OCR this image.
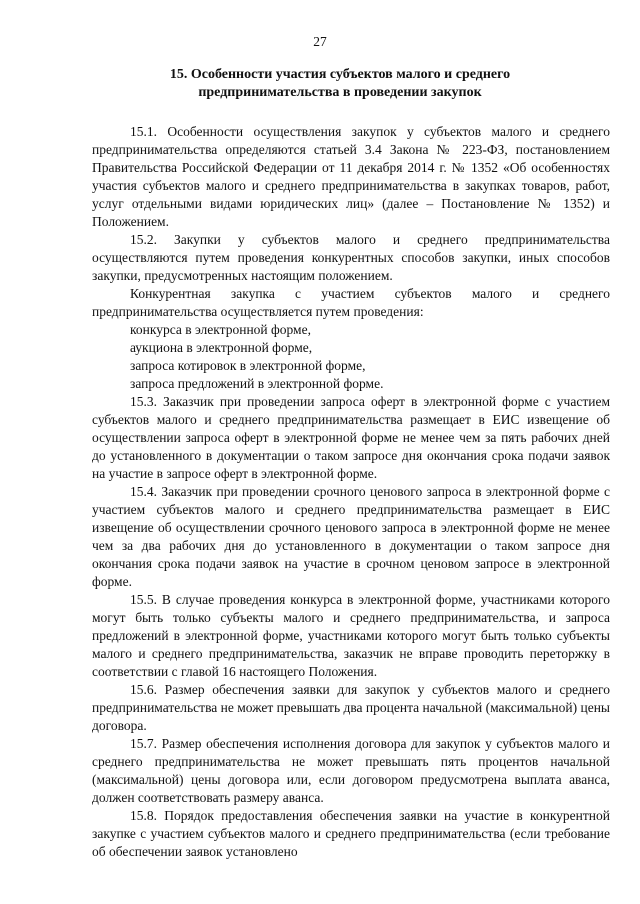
27
15. Особенности участия субъектов малого и среднего
предпринимательства в проведении закупок

15.1. Особенности осуществления закупок у субъектов малого и среднего предпринимательства определяются статьей 3.4 Закона № 223-ФЗ, постановлением Правительства Российской Федерации от 11 декабря 2014 г. № 1352 «Об особенностях участия субъектов малого и среднего предпринимательства в закупках товаров, работ, услуг отдельными видами юридических лиц» (далее – Постановление № 1352) и Положением.

15.2. Закупки у субъектов малого и среднего предпринимательства осуществляются путем проведения конкурентных способов закупки, иных способов закупки, предусмотренных настоящим положением.

Конкурентная закупка с участием субъектов малого и среднего предпринимательства осуществляется путем проведения:

конкурса в электронной форме,

аукциона в электронной форме,

запроса котировок в электронной форме,

запроса предложений в электронной форме.

15.3. Заказчик при проведении запроса оферт в электронной форме с участием субъектов малого и среднего предпринимательства размещает в ЕИС извещение об осуществлении запроса оферт в электронной форме не менее чем за пять рабочих дней до установленного в документации о таком запросе дня окончания срока подачи заявок на участие в запросе оферт в электронной форме.

15.4. Заказчик при проведении срочного ценового запроса в электронной форме с участием субъектов малого и среднего предпринимательства размещает в ЕИС извещение об осуществлении срочного ценового запроса в электронной форме не менее чем за два рабочих дня до установленного в документации о таком запросе дня окончания срока подачи заявок на участие в срочном ценовом запросе в электронной форме.

15.5. В случае проведения конкурса в электронной форме, участниками которого могут быть только субъекты малого и среднего предпринимательства, и запроса предложений в электронной форме, участниками которого могут быть только субъекты малого и среднего предпринимательства, заказчик не вправе проводить переторжку в соответствии с главой 16 настоящего Положения.

15.6. Размер обеспечения заявки для закупок у субъектов малого и среднего предпринимательства не может превышать два процента начальной (максимальной) цены договора.

15.7. Размер обеспечения исполнения договора для закупок у субъектов малого и среднего предпринимательства не может превышать пять процентов начальной (максимальной) цены договора или, если договором предусмотрена выплата аванса, должен соответствовать размеру аванса.

15.8. Порядок предоставления обеспечения заявки на участие в конкурентной закупке с участием субъектов малого и среднего предпринимательства (если требование об обеспечении заявок установлено
